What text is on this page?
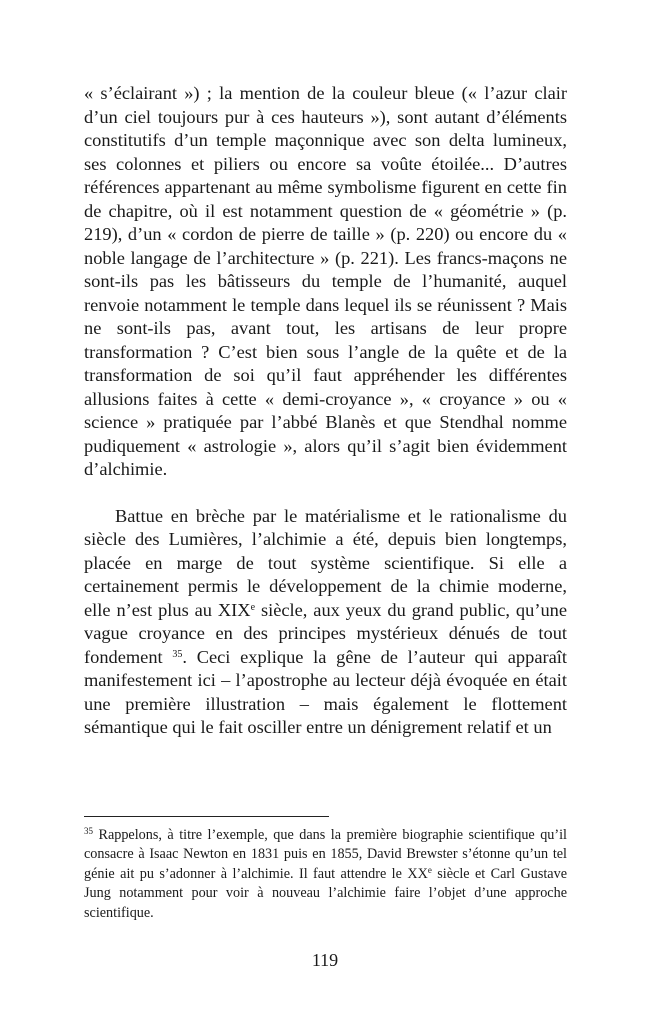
« s’éclairant ») ; la mention de la couleur bleue (« l’azur clair d’un ciel toujours pur à ces hauteurs »), sont autant d’éléments constitutifs d’un temple maçonnique avec son delta lumineux, ses colonnes et piliers ou encore sa voûte étoilée... D’autres références appartenant au même symbolisme figurent en cette fin de chapitre, où il est notamment question de « géométrie » (p. 219), d’un « cordon de pierre de taille » (p. 220) ou encore du « noble langage de l’architecture » (p. 221). Les francs-maçons ne sont-ils pas les bâtisseurs du temple de l’humanité, auquel renvoie notamment le temple dans lequel ils se réunissent ? Mais ne sont-ils pas, avant tout, les artisans de leur propre transformation ? C’est bien sous l’angle de la quête et de la transformation de soi qu’il faut appréhender les différentes allusions faites à cette « demi-croyance », « croyance » ou « science » pratiquée par l’abbé Blanès et que Stendhal nomme pudiquement « astrologie », alors qu’il s’agit bien évidemment d’alchimie.

Battue en brèche par le matérialisme et le rationalisme du siècle des Lumières, l’alchimie a été, depuis bien longtemps, placée en marge de tout système scientifique. Si elle a certainement permis le développement de la chimie moderne, elle n’est plus au XIXe siècle, aux yeux du grand public, qu’une vague croyance en des principes mystérieux dénués de tout fondement $^{35}$. Ceci explique la gêne de l’auteur qui apparaît manifestement ici – l’apostrophe au lecteur déjà évoquée en était une première illustration – mais également le flottement sémantique qui le fait osciller entre un dénigrement relatif et un

$^{35}$ Rappelons, à titre l’exemple, que dans la première biographie scientifique qu’il consacre à Isaac Newton en 1831 puis en 1855, David Brewster s’étonne qu’un tel génie ait pu s’adonner à l’alchimie. Il faut attendre le XXe siècle et Carl Gustave Jung notamment pour voir à nouveau l’alchimie faire l’objet d’une approche scientifique.

119
